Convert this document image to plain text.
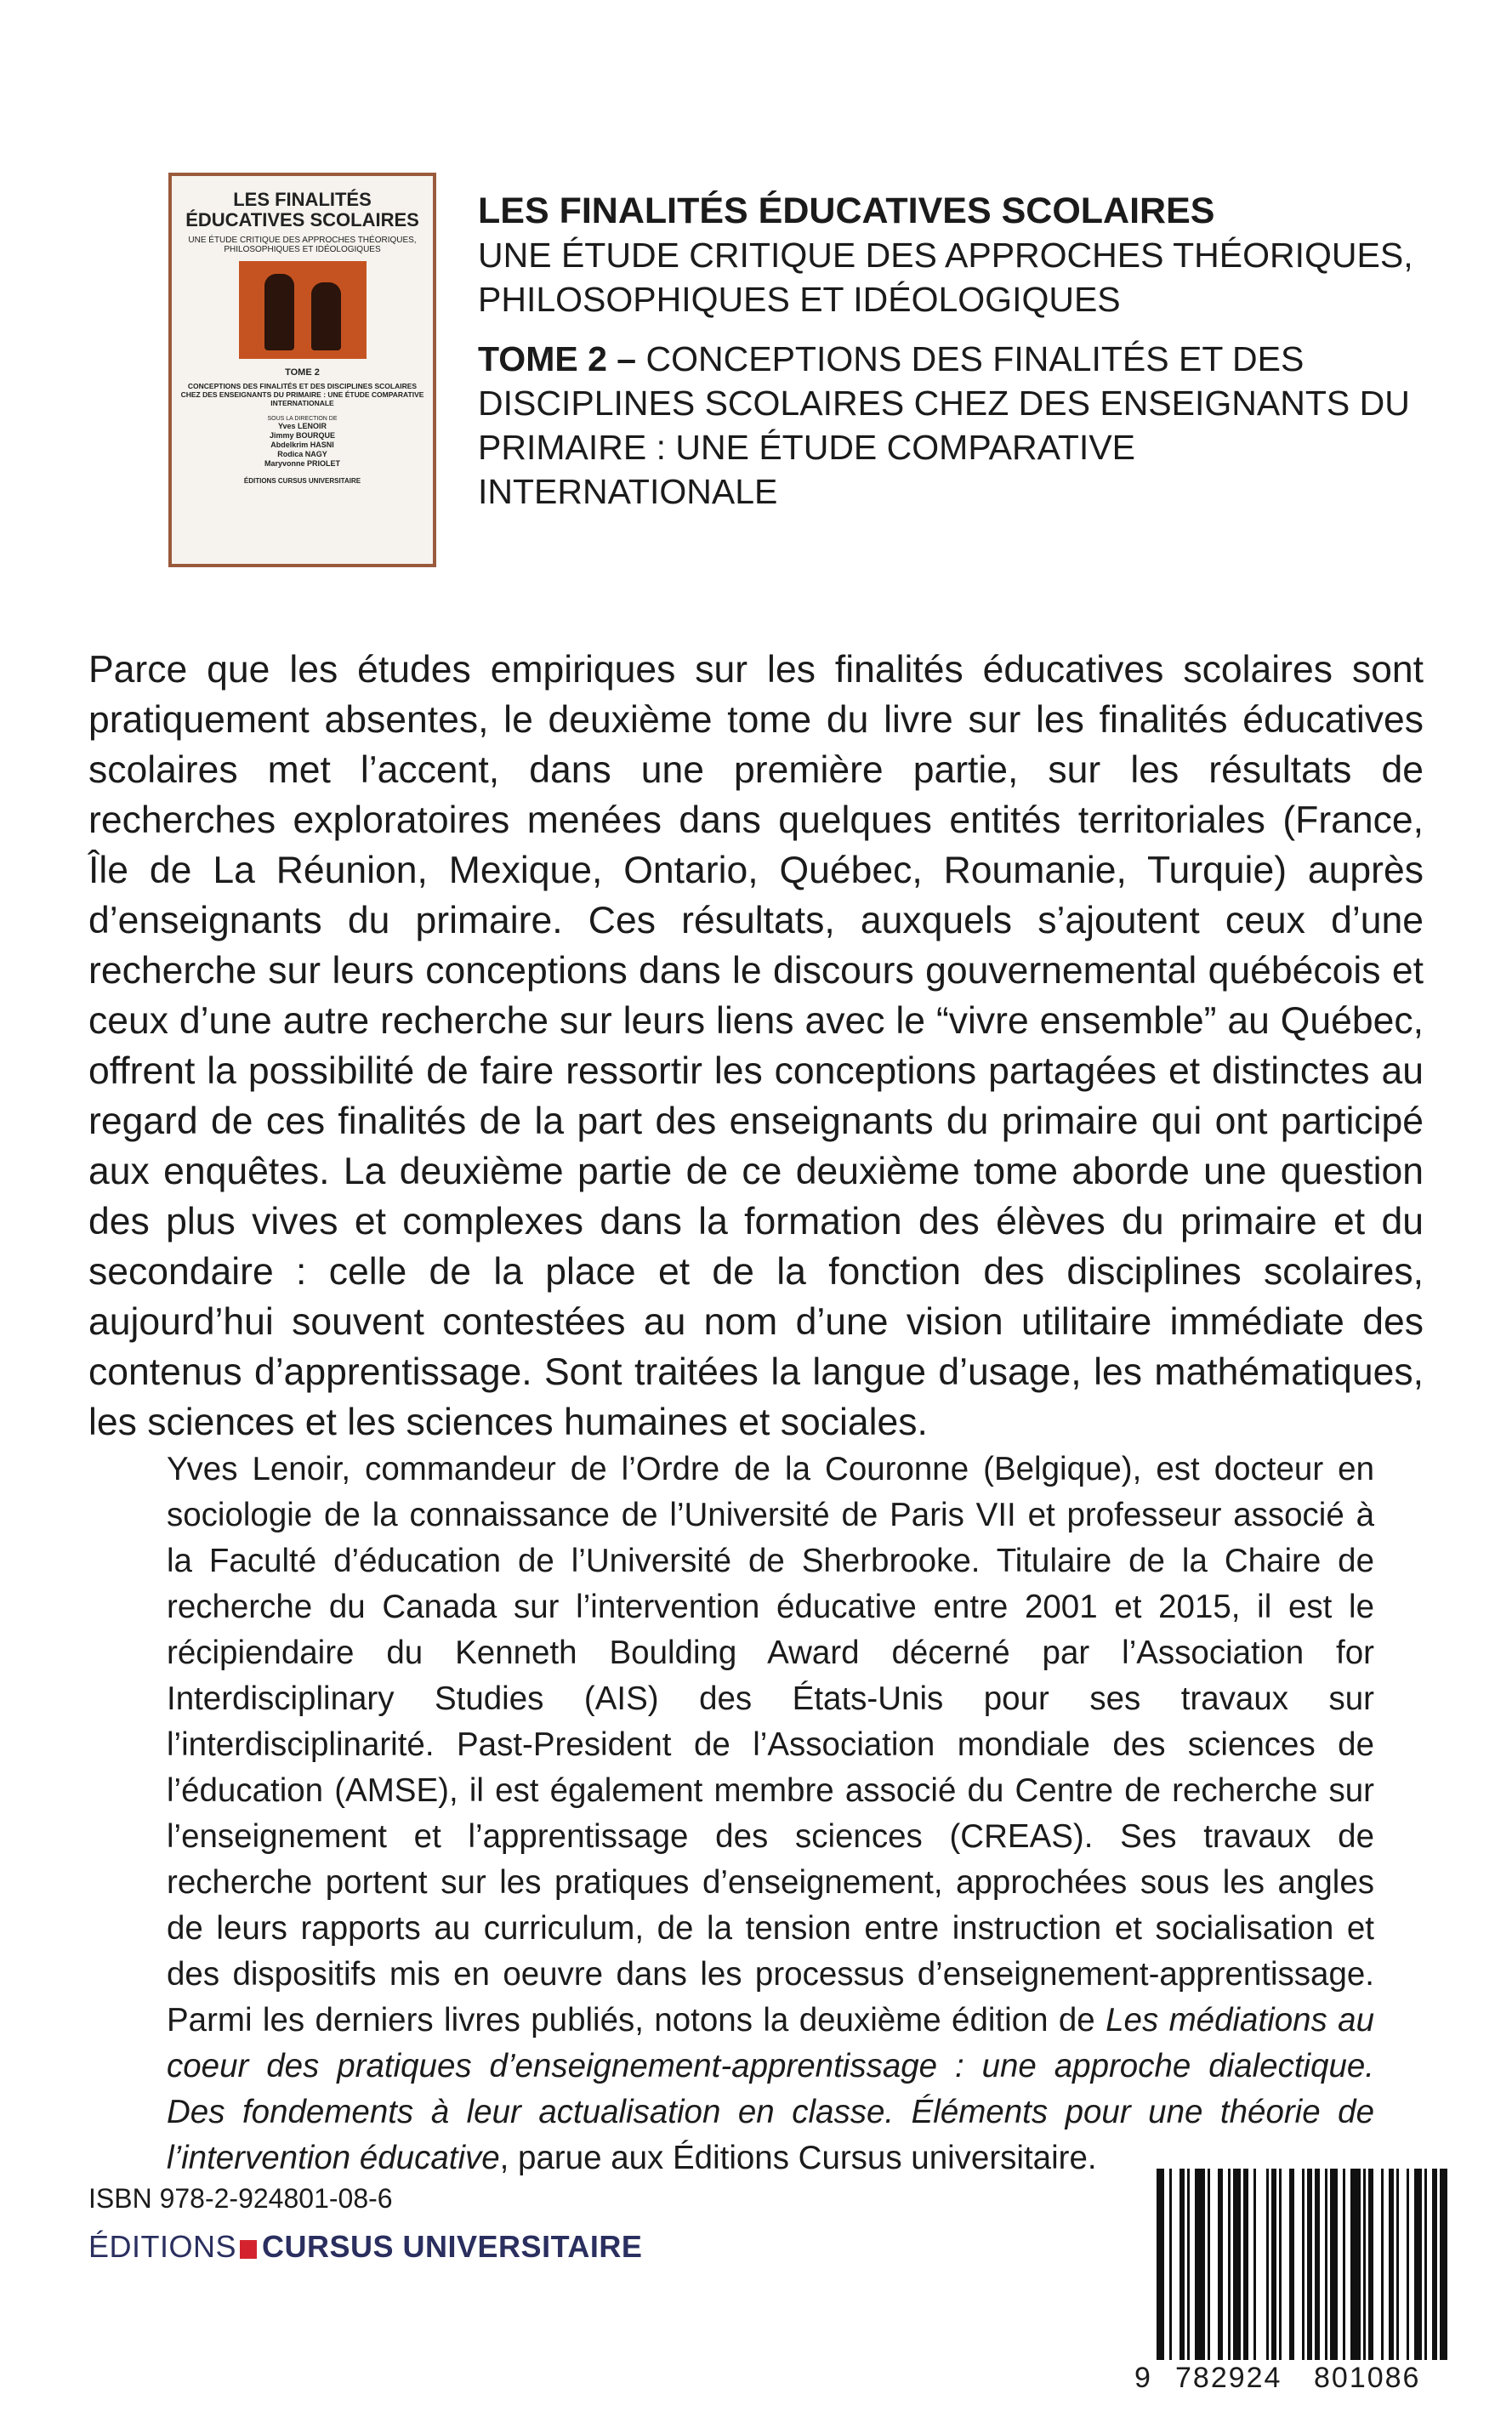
LES FINALITÉS ÉDUCATIVES SCOLAIRES
UNE ÉTUDE CRITIQUE DES APPROCHES THÉORIQUES, PHILOSOPHIQUES ET IDÉOLOGIQUES
TOME 2
CONCEPTIONS DES FINALITÉS ET DES DISCIPLINES SCOLAIRES CHEZ DES ENSEIGNANTS DU PRIMAIRE : UNE ÉTUDE COMPARATIVE INTERNATIONALE
SOUS LA DIRECTION DE
Yves LENOIR
Jimmy BOURQUE
Abdelkrim HASNI
Rodica NAGY
Maryvonne PRIOLET
ÉDITIONS CURSUS UNIVERSITAIRE
LES FINALITÉS ÉDUCATIVES SCOLAIRES
UNE ÉTUDE CRITIQUE DES APPROCHES THÉORIQUES,
PHILOSOPHIQUES ET IDÉOLOGIQUES
TOME 2 – CONCEPTIONS DES FINALITÉS ET DES DISCIPLINES SCOLAIRES CHEZ DES ENSEIGNANTS DU PRIMAIRE : UNE ÉTUDE COMPARATIVE INTERNATIONALE

Parce que les études empiriques sur les finalités éducatives scolaires sont pratiquement absentes, le deuxième tome du livre sur les finalités éducatives scolaires met l’accent, dans une première partie, sur les résultats de recherches exploratoires menées dans quelques entités territoriales (France, Île de La Réunion, Mexique, Ontario, Québec, Roumanie, Turquie) auprès d’enseignants du primaire. Ces résultats, auxquels s’ajoutent ceux d’une recherche sur leurs conceptions dans le discours gouvernemental québécois et ceux d’une autre recherche sur leurs liens avec le “vivre ensemble” au Québec, offrent la possibilité de faire ressortir les conceptions partagées et distinctes au regard de ces finalités de la part des enseignants du primaire qui ont participé aux enquêtes. La deuxième partie de ce deuxième tome aborde une question des plus vives et complexes dans la formation des élèves du primaire et du secondaire : celle de la place et de la fonction des disciplines scolaires, aujourd’hui souvent contestées au nom d’une vision utilitaire immédiate des contenus d’apprentissage. Sont traitées la langue d’usage, les mathématiques, les sciences et les sciences humaines et sociales.

Yves Lenoir, commandeur de l’Ordre de la Couronne (Belgique), est docteur en sociologie de la connaissance de l’Université de Paris VII et professeur associé à la Faculté d’éducation de l’Université de Sherbrooke. Titulaire de la Chaire de recherche du Canada sur l’intervention éducative entre 2001 et 2015, il est le récipiendaire du Kenneth Boulding Award décerné par l’Association for Interdisciplinary Studies (AIS) des États-Unis pour ses travaux sur l’interdisciplinarité. Past-President de l’Association mondiale des sciences de l’éducation (AMSE), il est également membre associé du Centre de recherche sur l’enseignement et l’apprentissage des sciences (CREAS). Ses travaux de recherche portent sur les pratiques d’enseignement, approchées sous les angles de leurs rapports au curriculum, de la tension entre instruction et socialisation et des dispositifs mis en oeuvre dans les processus d’enseignement-apprentissage. Parmi les derniers livres publiés, notons la deuxième édition de Les médiations au coeur des pratiques d’enseignement-apprentissage : une approche dialectique. Des fondements à leur actualisation en classe. Éléments pour une théorie de l’intervention éducative, parue aux Éditions Cursus universitaire.

ISBN 978-2-924801-08-6
ÉDITIONS CURSUS UNIVERSITAIRE
9 782924 801086
